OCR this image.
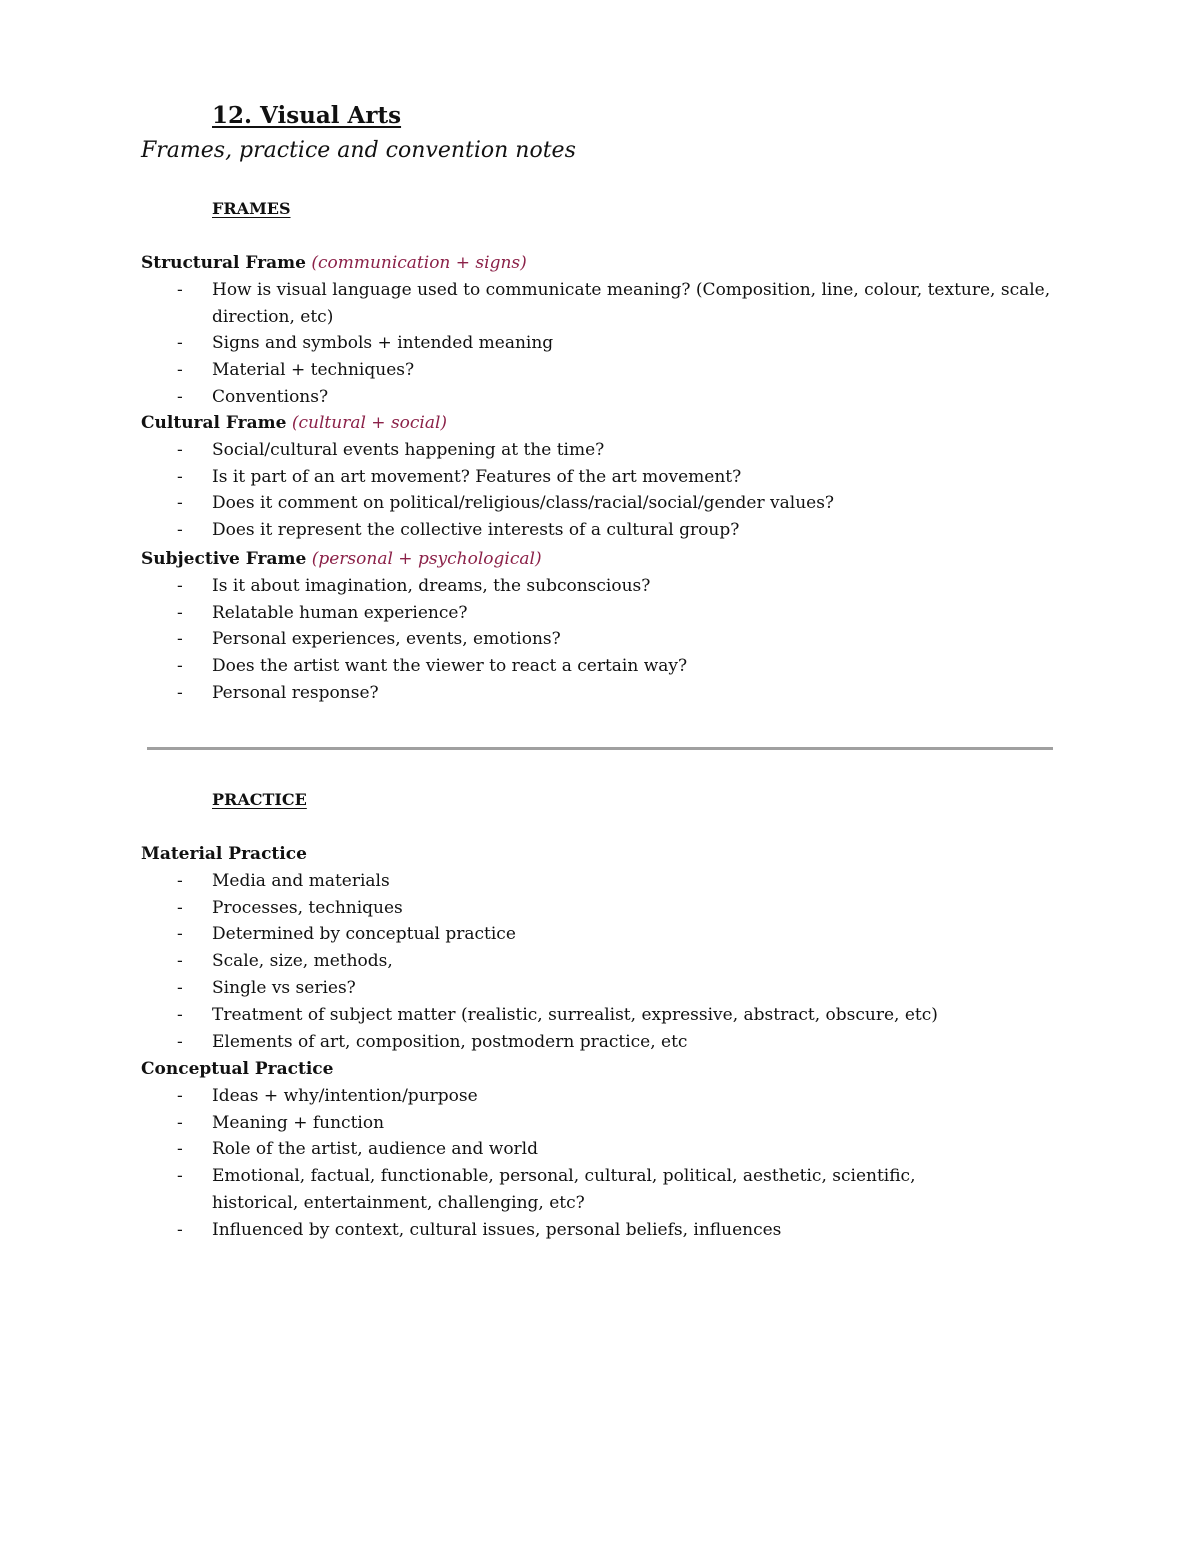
12. Visual Arts
Frames, practice and convention notes
FRAMES
Structural Frame (communication + signs)
- How is visual language used to communicate meaning? (Composition, line, colour, texture, scale, direction, etc)
- Signs and symbols + intended meaning
- Material + techniques?
- Conventions?
Cultural Frame (cultural + social)
- Social/cultural events happening at the time?
- Is it part of an art movement? Features of the art movement?
- Does it comment on political/religious/class/racial/social/gender values?
- Does it represent the collective interests of a cultural group?
Subjective Frame (personal + psychological)
- Is it about imagination, dreams, the subconscious?
- Relatable human experience?
- Personal experiences, events, emotions?
- Does the artist want the viewer to react a certain way?
- Personal response?
PRACTICE
Material Practice
- Media and materials
- Processes, techniques
- Determined by conceptual practice
- Scale, size, methods,
- Single vs series?
- Treatment of subject matter (realistic, surrealist, expressive, abstract, obscure, etc)
- Elements of art, composition, postmodern practice, etc
Conceptual Practice
- Ideas + why/intention/purpose
- Meaning + function
- Role of the artist, audience and world
- Emotional, factual, functionable, personal, cultural, political, aesthetic, scientific, historical, entertainment, challenging, etc?
- Influenced by context, cultural issues, personal beliefs, influences
